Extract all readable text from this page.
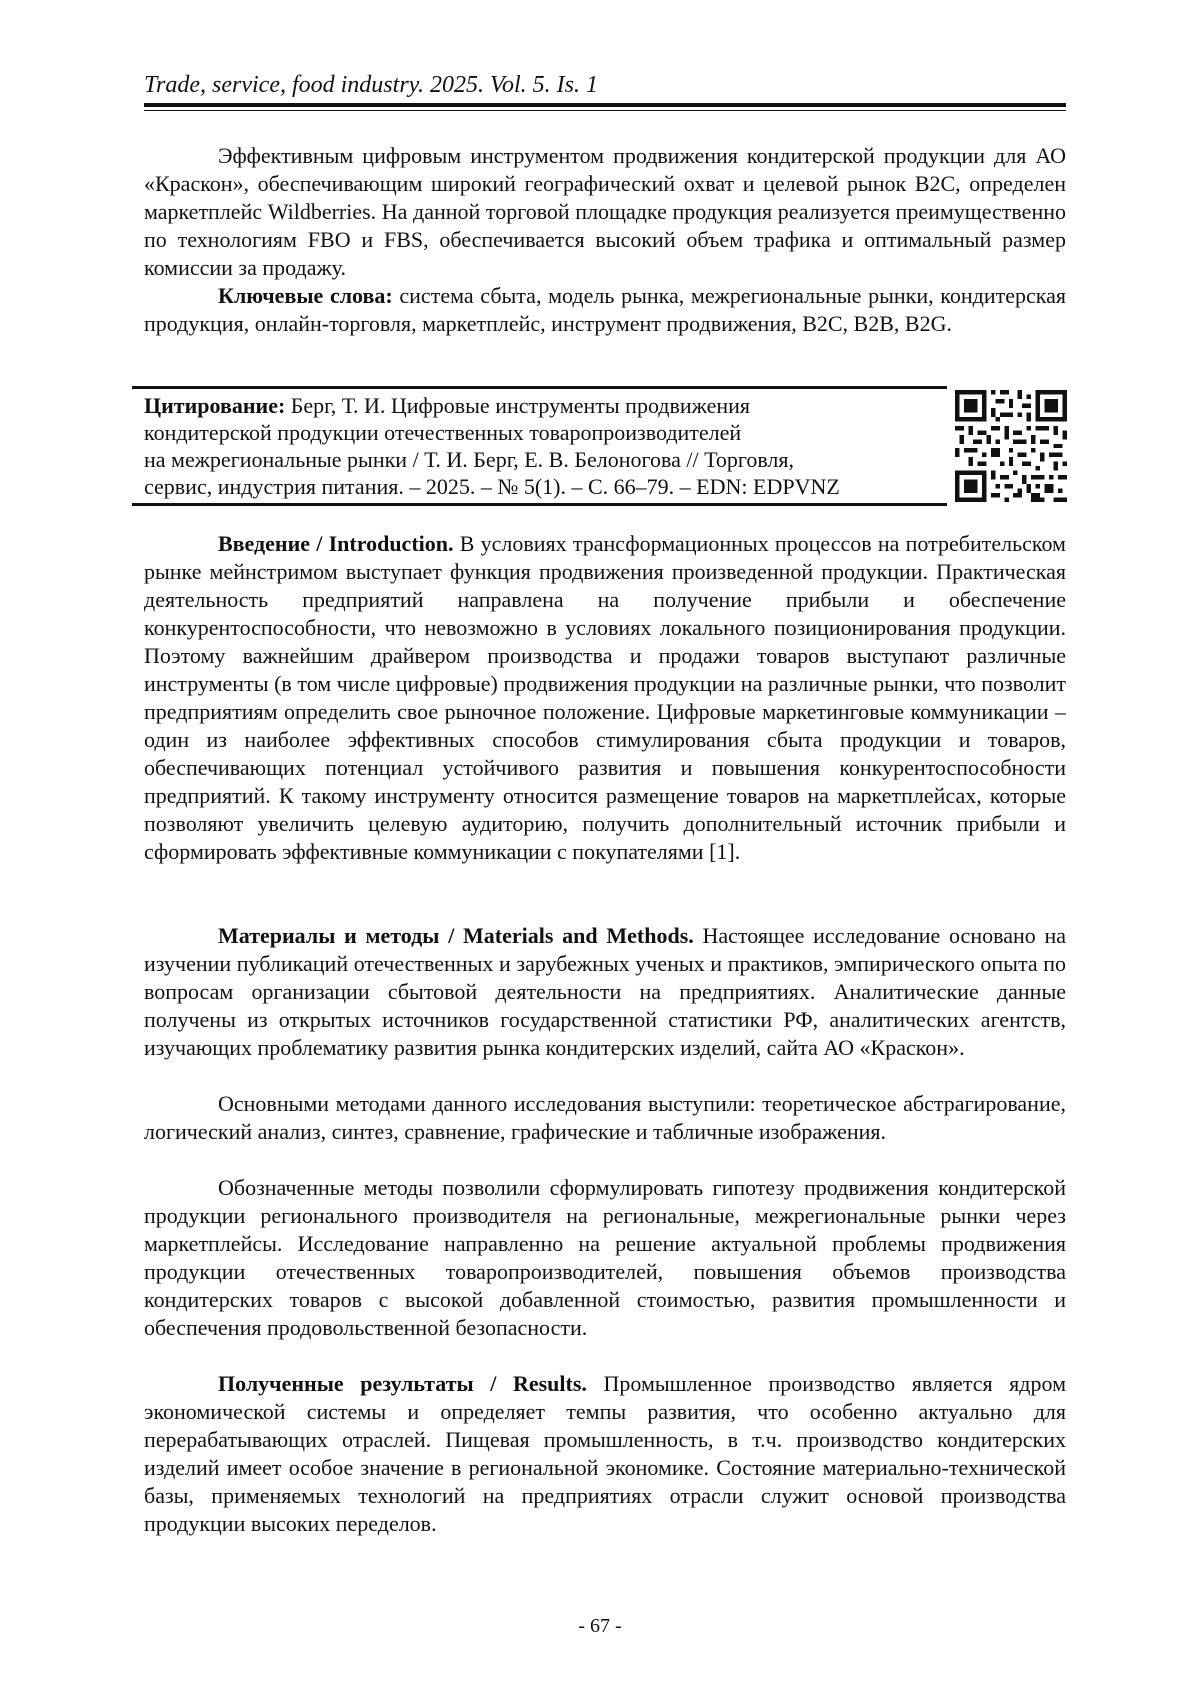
Trade, service, food industry. 2025. Vol. 5. Is. 1

Эффективным цифровым инструментом продвижения кондитерской продукции для АО «Краскон», обеспечивающим широкий географический охват и целевой рынок B2C, определен маркетплейс Wildberries. На данной торговой площадке продукция реализуется преимущественно по технологиям FBO и FBS, обеспечивается высокий объем трафика и оптимальный размер комиссии за продажу.

Ключевые слова: система сбыта, модель рынка, межрегиональные рынки, кондитерская продукция, онлайн-торговля, маркетплейс, инструмент продвижения, B2C, B2B, B2G.

Цитирование: Берг, Т. И. Цифровые инструменты продвижения
кондитерской продукции отечественных товаропроизводителей
на межрегиональные рынки / Т. И. Берг, Е. В. Белоногова // Торговля,
сервис, индустрия питания. – 2025. – № 5(1). – С. 66–79. – EDN: EDPVNZ

Введение / Introduction. В условиях трансформационных процессов на потребительском рынке мейнстримом выступает функция продвижения произведенной продукции. Практическая деятельность предприятий направлена на получение прибыли и обеспечение конкурентоспособности, что невозможно в условиях локального позиционирования продукции. Поэтому важнейшим драйвером производства и продажи товаров выступают различные инструменты (в том числе цифровые) продвижения продукции на различные рынки, что позволит предприятиям определить свое рыночное положение. Цифровые маркетинговые коммуникации – один из наиболее эффективных способов стимулирования сбыта продукции и товаров, обеспечивающих потенциал устойчивого развития и повышения конкурентоспособности предприятий. К такому инструменту относится размещение товаров на маркетплейсах, которые позволяют увеличить целевую аудиторию, получить дополнительный источник прибыли и сформировать эффективные коммуникации с покупателями [1].

Материалы и методы / Materials and Methods. Настоящее исследование основано на изучении публикаций отечественных и зарубежных ученых и практиков, эмпирического опыта по вопросам организации сбытовой деятельности на предприятиях. Аналитические данные получены из открытых источников государственной статистики РФ, аналитических агентств, изучающих проблематику развития рынка кондитерских изделий, сайта АО «Краскон».

Основными методами данного исследования выступили: теоретическое абстрагирование, логический анализ, синтез, сравнение, графические и табличные изображения.

Обозначенные методы позволили сформулировать гипотезу продвижения кондитерской продукции регионального производителя на региональные, межрегиональные рынки через маркетплейсы. Исследование направленно на решение актуальной проблемы продвижения продукции отечественных товаропроизводителей, повышения объемов производства кондитерских товаров с высокой добавленной стоимостью, развития промышленности и обеспечения продовольственной безопасности.

Полученные результаты / Results. Промышленное производство является ядром экономической системы и определяет темпы развития, что особенно актуально для перерабатывающих отраслей. Пищевая промышленность, в т.ч. производство кондитерских изделий имеет особое значение в региональной экономике. Состояние материально-технической базы, применяемых технологий на предприятиях отрасли служит основой производства продукции высоких переделов.

- 67 -
